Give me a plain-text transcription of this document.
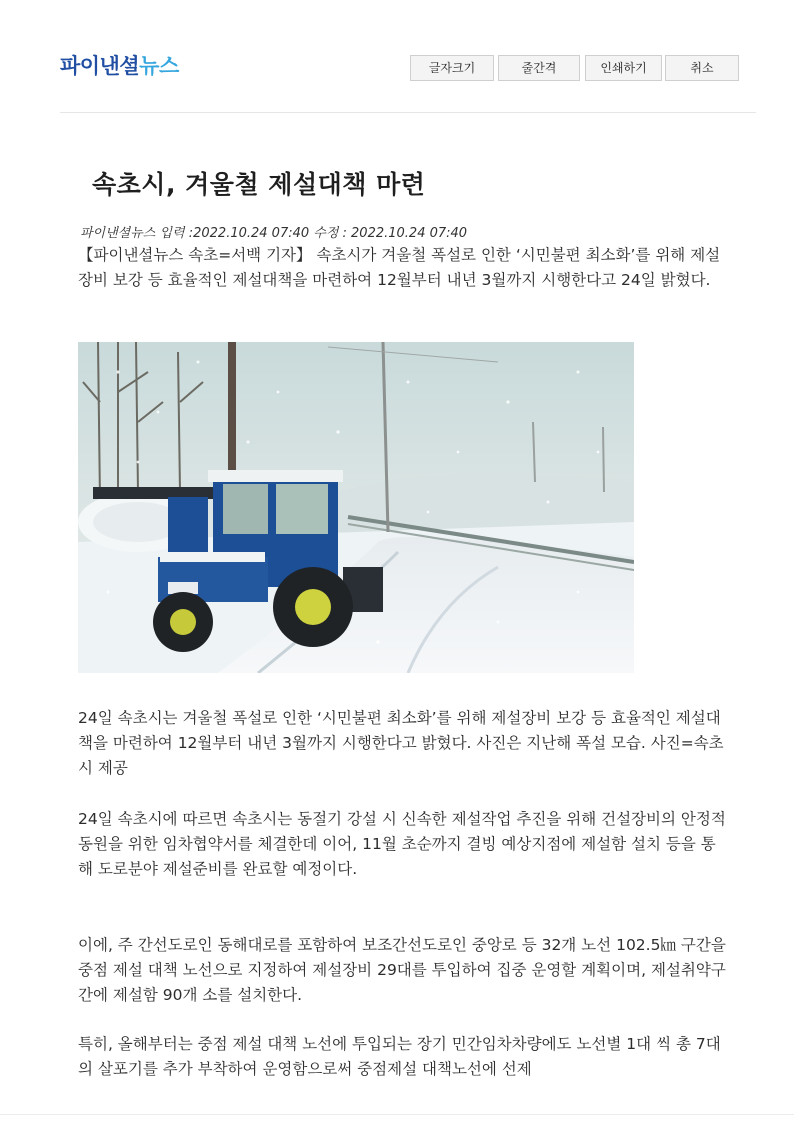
파이낸셜뉴스	글자크기	줄간격	인쇄하기	취소
속초시, 겨울철 제설대책 마련
파이낸셜뉴스 입력 :2022.10.24 07:40 수정 : 2022.10.24 07:40

【파이낸셜뉴스 속초=서백 기자】 속초시가 겨울철 폭설로 인한 ‘시민불편 최소화’를 위해 제설장비 보강 등 효율적인 제설대책을 마련하여 12월부터 내년 3월까지 시행한다고 24일 밝혔다.

24일 속초시는 겨울철 폭설로 인한 ‘시민불편 최소화’를 위해 제설장비 보강 등 효율적인 제설대책을 마련하여 12월부터 내년 3월까지 시행한다고 밝혔다. 사진은 지난해 폭설 모습. 사진=속초시 제공

24일 속초시에 따르면 속초시는 동절기 강설 시 신속한 제설작업 추진을 위해 건설장비의 안정적 동원을 위한 임차협약서를 체결한데 이어, 11월 초순까지 결빙 예상지점에 제설함 설치 등을 통해 도로분야 제설준비를 완료할 예정이다.

이에, 주 간선도로인 동해대로를 포함하여 보조간선도로인 중앙로 등 32개 노선 102.5㎞ 구간을 중점 제설 대책 노선으로 지정하여 제설장비 29대를 투입하여 집중 운영할 계획이며, 제설취약구간에 제설함 90개 소를 설치한다.

특히, 올해부터는 중점 제설 대책 노선에 투입되는 장기 민간임차차량에도 노선별 1대 씩 총 7대의 살포기를 추가 부착하여 운영함으로써 중점제설 대책노선에 선제
